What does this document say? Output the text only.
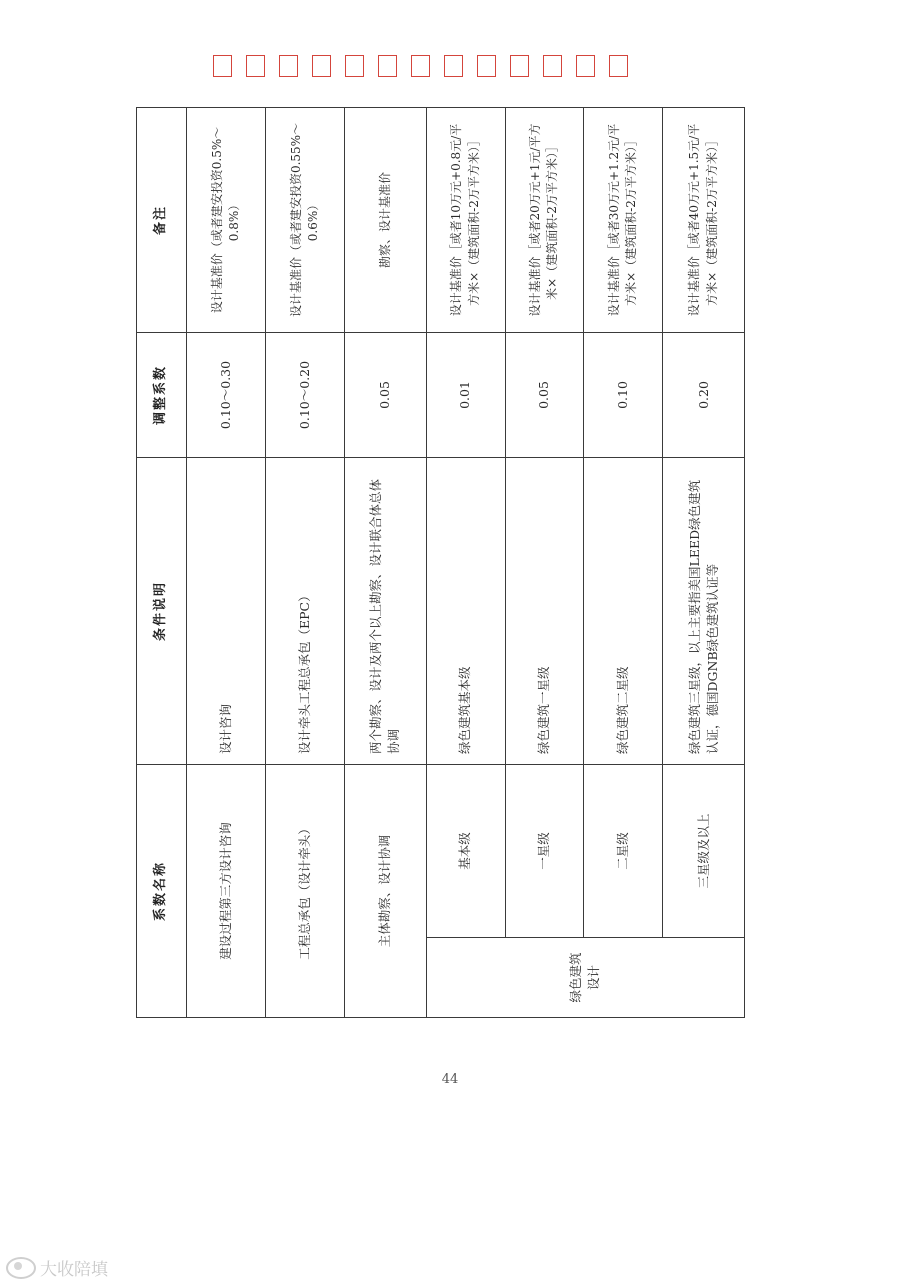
系数名称		条件说明	调整系数	备注
建设过程第三方设计咨询		设计咨询	0.10～0.30	设计基准价（或者建安投资0.5%～0.8%）
工程总承包（设计牵头）		设计牵头工程总承包（EPC）	0.10～0.20	设计基准价（或者建安投资0.55%～0.6%）
主体勘察、设计协调		两个勘察、设计及两个以上勘察、设计联合体总体协调	0.05	勘察、设计基准价
绿色建筑设计	基本级	绿色建筑基本级	0.01	设计基准价［或者10万元+0.8元/平方米×（建筑面积-2万平方米）］
	一星级	绿色建筑一星级	0.05	设计基准价［或者20万元+1元/平方米×（建筑面积-2万平方米）］
	二星级	绿色建筑二星级	0.10	设计基准价［或者30万元+1.2元/平方米×（建筑面积-2万平方米）］
	三星级及以上	绿色建筑三星级，以上主要指美国LEED绿色建筑认证，德国DGNB绿色建筑认证等	0.20	设计基准价［或者40万元+1.5元/平方米×（建筑面积-2万平方米）］
44
大收陪填
